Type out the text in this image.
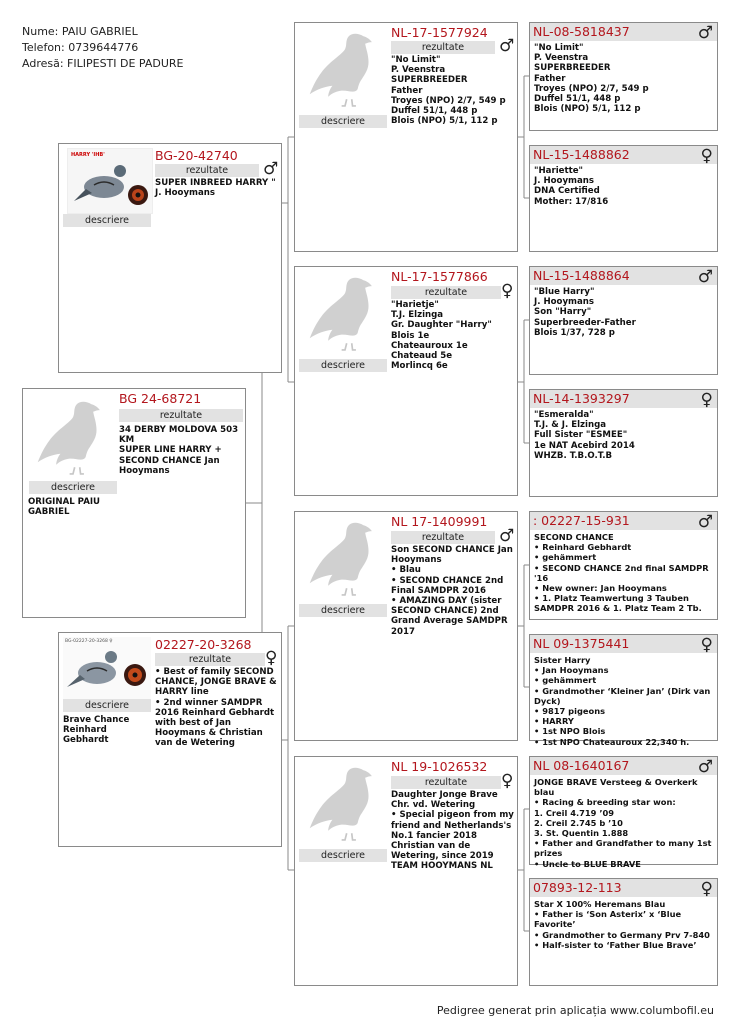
Nume: PAIU GABRIEL
Telefon: 0739644776
Adresă: FILIPESTI DE PADURE
descriere
ORIGINAL PAIU
GABRIEL
BG 24-68721
rezultate
34 DERBY MOLDOVA 503
KM
SUPER LINE HARRY +
SECOND CHANCE Jan
Hooymans
HARRY 'IHB'
descriere
BG-20-42740
rezultate	♂
SUPER INBREED HARRY "
J. Hooymans
BG-02227-20-3268 ♀
descriere
Brave Chance
Reinhard
Gebhardt
02227-20-3268
rezultate	♀
• Best of family SECOND
CHANCE, JONGE BRAVE &
HARRY line
• 2nd winner SAMDPR
2016 Reinhard Gebhardt
with best of Jan
Hooymans & Christian
van de Wetering
descriere
NL-17-1577924
rezultate	♂
"No Limit"
P. Veenstra
SUPERBREEDER
Father
Troyes (NPO) 2/7, 549 p
Duffel 51/1, 448 p
Blois (NPO) 5/1, 112 p
descriere
NL-17-1577866
rezultate	♀
"Harietje"
T.J. Elzinga
Gr. Daughter "Harry"
Blois 1e
Chateauroux 1e
Chateaud 5e
Morlincq 6e
descriere
NL 17-1409991
rezultate	♂
Son SECOND CHANCE Jan
Hooymans
• Blau
• SECOND CHANCE 2nd
Final SAMDPR 2016
• AMAZING DAY (sister
SECOND CHANCE) 2nd
Grand Average SAMDPR
2017
descriere
NL 19-1026532
rezultate	♀
Daughter Jonge Brave
Chr. vd. Wetering
• Special pigeon from my
friend and Netherlands's
No.1 fancier 2018
Christian van de
Wetering, since 2019
TEAM HOOYMANS NL
NL-08-5818437	♂
"No Limit"
P. Veenstra
SUPERBREEDER
Father
Troyes (NPO) 2/7, 549 p
Duffel 51/1, 448 p
Blois (NPO) 5/1, 112 p
NL-15-1488862	♀
"Hariette"
J. Hooymans
DNA Certified
Mother: 17/816
NL-15-1488864	♂
"Blue Harry"
J. Hooymans
Son "Harry"
Superbreeder-Father
Blois 1/37, 728 p
NL-14-1393297	♀
"Esmeralda"
T.J. & J. Elzinga
Full Sister "ESMEE"
1e NAT Acebird 2014
WHZB. T.B.O.T.B
: 02227-15-931	♂
SECOND CHANCE
• Reinhard Gebhardt
• gehämmert
• SECOND CHANCE 2nd final SAMDPR
'16
• New owner: Jan Hooymans
• 1. Platz Teamwertung 3 Tauben
SAMDPR 2016 & 1. Platz Team 2 Tb.
NL 09-1375441	♀
Sister Harry
• Jan Hooymans
• gehämmert
• Grandmother ‘Kleiner Jan’ (Dirk van
Dyck)
• 9817 pigeons
• HARRY
• 1st NPO Blois
• 1st NPO Chateauroux 22,340 h.
NL 08-1640167	♂
JONGE BRAVE Versteeg & Overkerk
blau
• Racing & breeding star won:
1. Creil 4.719 ’09
2. Creil 2.745 b ’10
3. St. Quentin 1.888
• Father and Grandfather to many 1st
prizes
• Uncle to BLUE BRAVE
07893-12-113	♀
Star X 100% Heremans Blau
• Father is ‘Son Asterix’ x ‘Blue
Favorite’
• Grandmother to Germany Prv 7-840
• Half-sister to ‘Father Blue Brave’
Pedigree generat prin aplicația www.columbofil.eu
